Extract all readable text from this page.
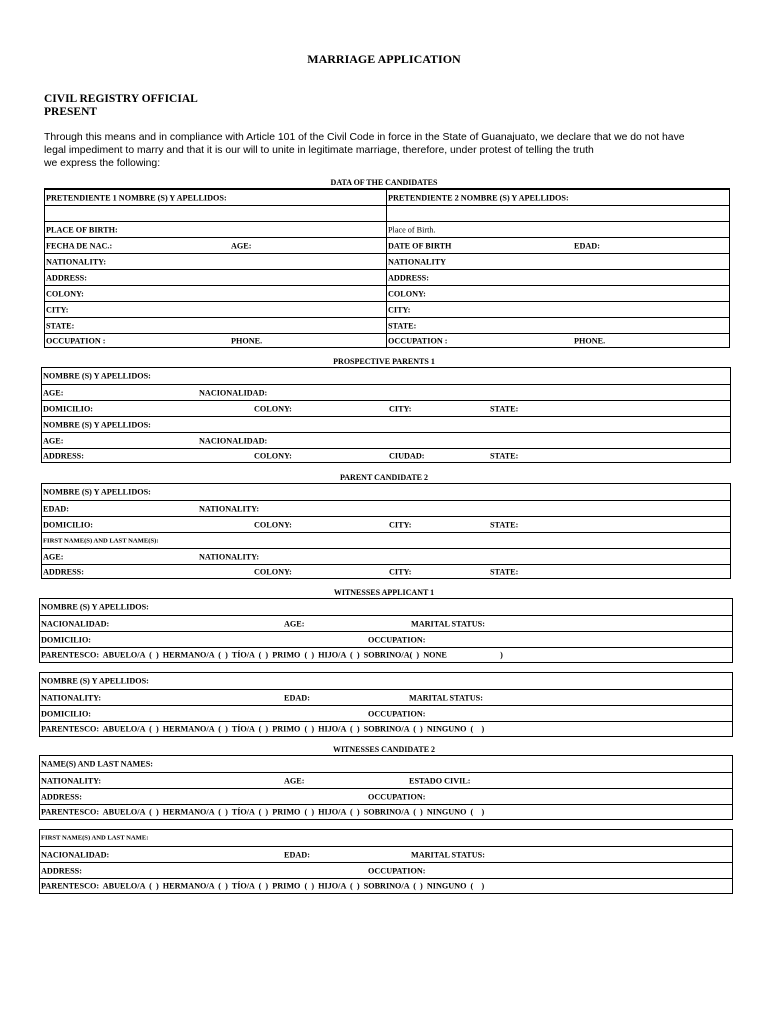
MARRIAGE APPLICATION
CIVIL REGISTRY OFFICIAL
PRESENT
Through this means and in compliance with Article 101 of the Civil Code in force in the State of Guanajuato, we declare that we do not have
legal impediment to marry and that it is our will to unite in legitimate marriage, therefore, under protest of telling the truth
we express the following:
DATA OF THE CANDIDATES
PRETENDIENTE 1 NOMBRE (S) Y APELLIDOS:	PRETENDIENTE 2 NOMBRE (S) Y APELLIDOS:
PLACE OF BIRTH:	Place of Birth.
FECHA DE NAC.:	AGE:	DATE OF BIRTH	EDAD:
NATIONALITY:	NATIONALITY
ADDRESS:	ADDRESS:
COLONY:	COLONY:
CITY:	CITY:
STATE:	STATE:
OCCUPATION :	PHONE.	OCCUPATION :	PHONE.
PROSPECTIVE PARENTS 1
NOMBRE (S) Y APELLIDOS:
AGE:	NACIONALIDAD:
DOMICILIO:	COLONY:	CITY:	STATE:
NOMBRE (S) Y APELLIDOS:
AGE:	NACIONALIDAD:
ADDRESS:	COLONY:	CIUDAD:	STATE:
PARENT CANDIDATE 2
NOMBRE (S) Y APELLIDOS:
EDAD:	NATIONALITY:
DOMICILIO:	COLONY:	CITY:	STATE:
FIRST NAME(S) AND LAST NAME(S):
AGE:	NATIONALITY:
ADDRESS:	COLONY:	CITY:	STATE:
WITNESSES APPLICANT 1
NOMBRE (S) Y APELLIDOS:
NACIONALIDAD:	AGE:	MARITAL STATUS:
DOMICILIO:	OCCUPATION:
PARENTESCO:  ABUELO/A  (  )  HERMANO/A  (  )  TÍO/A  (  )  PRIMO  (  )  HIJO/A  (  )  SOBRINO/A(  )  NONE                          )
NOMBRE (S) Y APELLIDOS:
NATIONALITY:	EDAD:	MARITAL STATUS:
DOMICILIO:	OCCUPATION:
PARENTESCO:  ABUELO/A  (  )  HERMANO/A  (  )  TÍO/A  (  )  PRIMO  (  )  HIJO/A  (  )  SOBRINO/A  (  )  NINGUNO  (    )
WITNESSES CANDIDATE 2
NAME(S) AND LAST NAMES:
NATIONALITY:	AGE:	ESTADO CIVIL:
ADDRESS:	OCCUPATION:
PARENTESCO:  ABUELO/A  (  )  HERMANO/A  (  )  TÍO/A  (  )  PRIMO  (  )  HIJO/A  (  )  SOBRINO/A  (  )  NINGUNO  (    )
FIRST NAME(S) AND LAST NAME:
NACIONALIDAD:	EDAD:	MARITAL STATUS:
ADDRESS:	OCCUPATION:
PARENTESCO:  ABUELO/A  (  )  HERMANO/A  (  )  TÍO/A  (  )  PRIMO  (  )  HIJO/A  (  )  SOBRINO/A  (  )  NINGUNO  (    )
